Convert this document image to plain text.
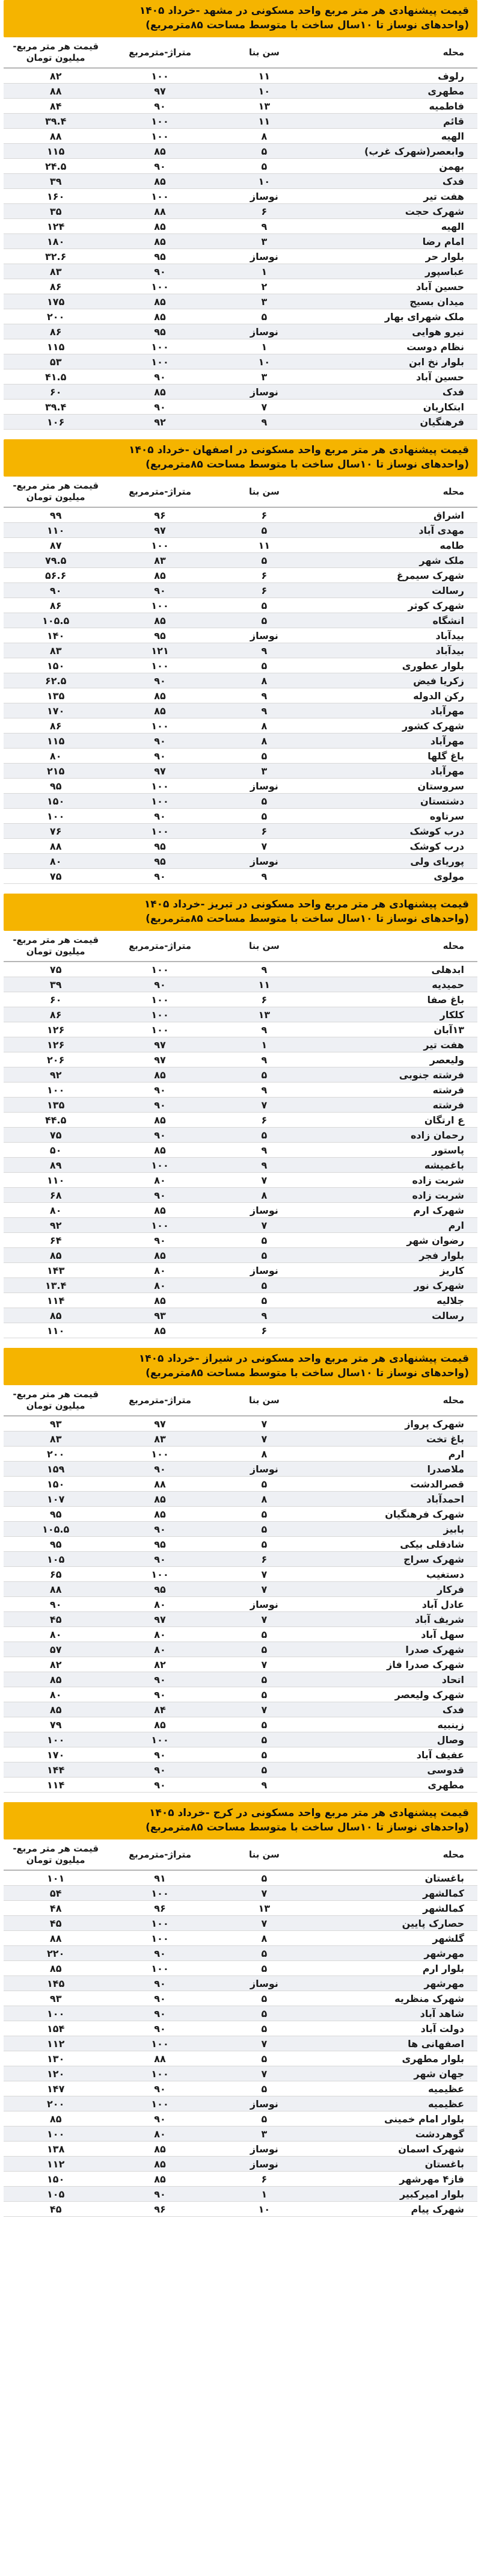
قیمت پیشنهادی هر متر مربع واحد مسکونی در مشهد -خرداد ۱۴۰۵
(واحدهای نوساز تا ۱۰سال ساخت با متوسط مساحت ۸۵مترمربع)
محله	سن بنا	متراژ-مترمربع	قیمت هر متر مربع-میلیون تومان
رلوف	۱۱	۱۰۰	۸۲
مطهری	۱۰	۹۷	۸۸
فاطمیه	۱۳	۹۰	۸۴
قائم	۱۱	۱۰۰	۳۹.۴
الهیه	۸	۱۰۰	۸۸
وابعصر(شهرک غرب)	۵	۸۵	۱۱۵
بهمن	۵	۹۰	۲۴.۵
فدک	۱۰	۸۵	۳۹
هفت تیر	نوساز	۱۰۰	۱۶۰
شهرک حجت	۶	۸۸	۳۵
الهیه	۹	۸۵	۱۲۴
امام رضا	۳	۸۵	۱۸۰
بلوار حر	نوساز	۹۵	۳۲.۶
عباسپور	۱	۹۰	۸۳
حسین آباد	۲	۱۰۰	۸۶
میدان بسیج	۳	۸۵	۱۷۵
ملک شهرای بهار	۵	۸۵	۲۰۰
نیرو هوایی	نوساز	۹۵	۸۶
نظام دوست	۱	۱۰۰	۱۱۵
بلوار نخ ابن	۱۰	۱۰۰	۵۳
حسین آباد	۳	۹۰	۴۱.۵
فدک	نوساز	۸۵	۶۰
ابتکاریان	۷	۹۰	۳۹.۴
فرهنگیان	۹	۹۲	۱۰۶
قیمت پیشنهادی هر متر مربع واحد مسکونی در اصفهان -خرداد ۱۴۰۵
(واحدهای نوساز تا ۱۰سال ساخت با متوسط مساحت ۸۵مترمربع)
محله	سن بنا	متراژ-مترمربع	قیمت هر متر مربع-میلیون تومان
اشراق	۶	۹۶	۹۹
مهدی آباد	۵	۹۷	۱۱۰
طامه	۱۱	۱۰۰	۸۷
ملک شهر	۵	۸۳	۷۹.۵
شهرک سیمرغ	۶	۸۵	۵۶.۶
رسالت	۶	۹۰	۹۰
شهرک کوثر	۵	۱۰۰	۸۶
انشگاه	۵	۸۵	۱۰۵.۵
بیدآباد	نوساز	۹۵	۱۴۰
بیدآباد	۹	۱۲۱	۸۳
بلوار عطوری	۵	۱۰۰	۱۵۰
زکریا فیض	۸	۹۰	۶۲.۵
رکن الدوله	۹	۸۵	۱۳۵
مهرآباد	۹	۸۵	۱۷۰
شهرک کشور	۸	۱۰۰	۸۶
مهرآباد	۸	۹۰	۱۱۵
باغ گلها	۵	۹۰	۸۰
مهرآباد	۳	۹۷	۲۱۵
سروستان	نوساز	۱۰۰	۹۵
دشتستان	۵	۱۰۰	۱۵۰
سرتاوه	۵	۹۰	۱۰۰
درب کوشک	۶	۱۰۰	۷۶
درب کوشک	۷	۹۵	۸۸
پوریای ولی	نوساز	۹۵	۸۰
مولوی	۹	۹۰	۷۵
قیمت پیشنهادی هر متر مربع واحد مسکونی در تبریز -خرداد ۱۴۰۵
(واحدهای نوساز تا ۱۰سال ساخت با متوسط مساحت ۸۵مترمربع)
محله	سن بنا	متراژ-مترمربع	قیمت هر متر مربع-میلیون تومان
ابدهلی	۹	۱۰۰	۷۵
حمیدیه	۱۱	۹۰	۳۹
باغ صفا	۶	۱۰۰	۶۰
کلکار	۱۳	۱۰۰	۸۶
۱۳آبان	۹	۱۰۰	۱۲۶
هفت تیر	۱	۹۷	۱۲۶
ولیعصر	۹	۹۷	۲۰۶
فرشته جنوبی	۵	۸۵	۹۲
فرشته	۹	۹۰	۱۰۰
فرشته	۷	۹۰	۱۳۵
ع ارتگان	۶	۸۵	۴۴.۵
رحمان زاده	۵	۹۰	۷۵
پاستور	۹	۸۵	۵۰
باغمیشه	۹	۱۰۰	۸۹
شربت زاده	۷	۸۰	۱۱۰
شربت زاده	۸	۹۰	۶۸
شهرک ارم	نوساز	۸۵	۸۰
ارم	۷	۱۰۰	۹۲
رضوان شهر	۵	۹۰	۶۴
بلوار فجر	۵	۸۵	۸۵
کاریز	نوساز	۸۰	۱۴۳
شهرک نور	۵	۸۰	۱۳.۴
جلالیه	۵	۸۵	۱۱۴
رسالت	۹	۹۳	۸۵
	۶	۸۵	۱۱۰
قیمت پیشنهادی هر متر مربع واحد مسکونی در شیراز -خرداد ۱۴۰۵
(واحدهای نوساز تا ۱۰سال ساخت با متوسط مساحت ۸۵مترمربع)
محله	سن بنا	متراژ-مترمربع	قیمت هر متر مربع-میلیون تومان
شهرک پرواز	۷	۹۷	۹۳
باغ تخت	۷	۸۳	۸۳
ارم	۸	۱۰۰	۲۰۰
ملاصدرا	نوساز	۹۰	۱۵۹
قصرالدشت	۵	۸۸	۱۵۰
احمدآباد	۸	۸۵	۱۰۷
شهرک فرهنگیان	۵	۸۵	۹۵
بابیز	۵	۹۰	۱۰۵.۵
شادقلی بیکی	۵	۹۵	۹۵
شهرک سراج	۶	۹۰	۱۰۵
دستغیب	۷	۱۰۰	۶۵
فرکار	۷	۹۵	۸۸
عادل آباد	نوساز	۸۰	۹۰
شریف آباد	۷	۹۷	۴۵
سهل آباد	۵	۸۰	۸۰
شهرک صدرا	۵	۸۰	۵۷
شهرک صدرا فاز	۷	۸۲	۸۲
اتحاد	۵	۹۰	۸۵
شهرک ولیعصر	۵	۹۰	۸۰
فدک	۷	۸۴	۸۵
زینبیه	۵	۸۵	۷۹
وصال	۵	۱۰۰	۱۰۰
عفیف آباد	۵	۹۰	۱۷۰
قدوسی	۵	۹۰	۱۴۴
مطهری	۹	۹۰	۱۱۴
قیمت پیشنهادی هر متر مربع واحد مسکونی در کرج -خرداد ۱۴۰۵
(واحدهای نوساز تا ۱۰سال ساخت با متوسط مساحت ۸۵مترمربع)
محله	سن بنا	متراژ-مترمربع	قیمت هر متر مربع-میلیون تومان
باغستان	۵	۹۱	۱۰۱
کمالشهر	۷	۱۰۰	۵۴
کمالشهر	۱۳	۹۶	۴۸
حصارک پایین	۷	۱۰۰	۴۵
گلشهر	۸	۱۰۰	۸۸
مهرشهر	۵	۹۰	۲۲۰
بلوار ارم	۵	۱۰۰	۸۵
مهرشهر	نوساز	۹۰	۱۴۵
شهرک منظریه	۵	۹۰	۹۳
شاهد آباد	۵	۹۰	۱۰۰
دولت آباد	۵	۹۰	۱۵۴
اصفهانی ها	۷	۱۰۰	۱۱۲
بلوار مطهری	۵	۸۸	۱۳۰
جهان شهر	۷	۱۰۰	۱۲۰
عظیمیه	۵	۹۰	۱۴۷
عظیمیه	نوساز	۱۰۰	۲۰۰
بلوار امام خمینی	۵	۹۰	۸۵
گوهردشت	۳	۸۰	۱۰۰
شهرک اسمان	نوساز	۸۵	۱۳۸
باغستان	نوساز	۸۵	۱۱۲
فاز۴ مهرشهر	۶	۸۵	۱۵۰
بلوار امیرکبیر	۱	۹۰	۱۰۵
شهرک پیام	۱۰	۹۶	۴۵
